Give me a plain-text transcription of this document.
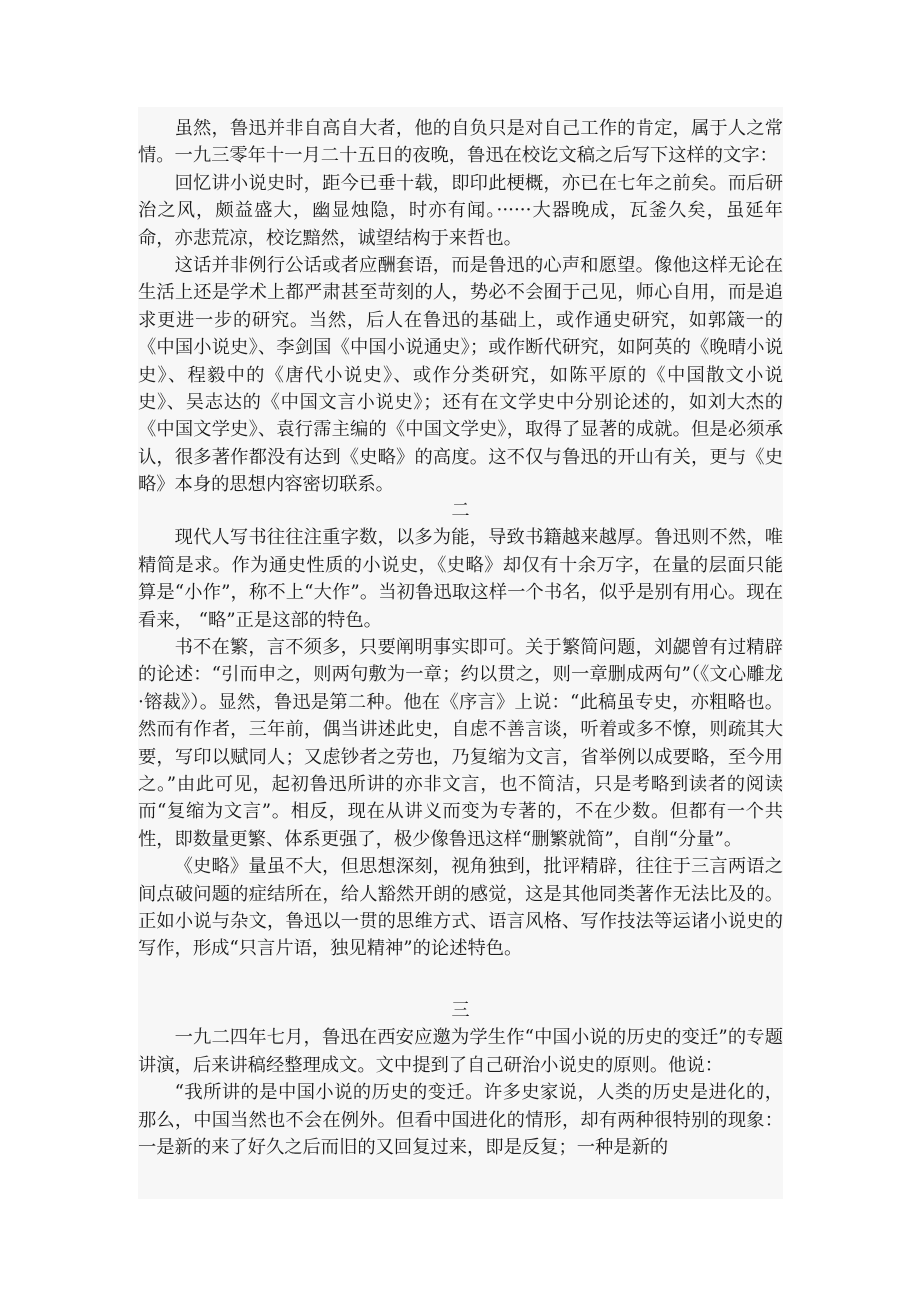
虽然，鲁迅并非自高自大者，他的自负只是对自己工作的肯定，属于人之常情。一九三零年十一月二十五日的夜晚，鲁迅在校讫文稿之后写下这样的文字：

回忆讲小说史时，距今已垂十载，即印此梗概，亦已在七年之前矣。而后研治之风，颇益盛大，幽显烛隐，时亦有闻。······大器晚成，瓦釜久矣，虽延年命，亦悲荒凉，校讫黯然，诚望结构于来哲也。

这话并非例行公话或者应酬套语，而是鲁迅的心声和愿望。像他这样无论在生活上还是学术上都严肃甚至苛刻的人，势必不会囿于己见，师心自用，而是追求更进一步的研究。当然，后人在鲁迅的基础上，或作通史研究，如郭箴一的《中国小说史》、李剑国《中国小说通史》；或作断代研究，如阿英的《晚晴小说史》、程毅中的《唐代小说史》、或作分类研究，如陈平原的《中国散文小说史》、吴志达的《中国文言小说史》；还有在文学史中分别论述的，如刘大杰的《中国文学史》、袁行霈主编的《中国文学史》，取得了显著的成就。但是必须承认，很多著作都没有达到《史略》的高度。这不仅与鲁迅的开山有关，更与《史略》本身的思想内容密切联系。

二

现代人写书往往注重字数，以多为能，导致书籍越来越厚。鲁迅则不然，唯精简是求。作为通史性质的小说史，《史略》却仅有十余万字，在量的层面只能算是“小作”，称不上“大作”。当初鲁迅取这样一个书名，似乎是别有用心。现在看来， “略”正是这部的特色。

书不在繁，言不须多，只要阐明事实即可。关于繁简问题，刘勰曾有过精辟的论述：“引而申之，则两句敷为一章；约以贯之，则一章删成两句”（《文心雕龙·镕裁》）。显然，鲁迅是第二种。他在《序言》上说：“此稿虽专史，亦粗略也。然而有作者，三年前，偶当讲述此史，自虑不善言谈，听着或多不憭，则疏其大要，写印以赋同人；又虑钞者之劳也，乃复缩为文言，省举例以成要略，至今用之。”由此可见，起初鲁迅所讲的亦非文言，也不简洁，只是考略到读者的阅读而“复缩为文言”。相反，现在从讲义而变为专著的，不在少数。但都有一个共性，即数量更繁、体系更强了，极少像鲁迅这样“删繁就简”，自削“分量”。

《史略》量虽不大，但思想深刻，视角独到，批评精辟，往往于三言两语之间点破问题的症结所在，给人豁然开朗的感觉，这是其他同类著作无法比及的。正如小说与杂文，鲁迅以一贯的思维方式、语言风格、写作技法等运诸小说史的写作，形成“只言片语，独见精神”的论述特色。

三

一九二四年七月，鲁迅在西安应邀为学生作“中国小说的历史的变迁”的专题讲演，后来讲稿经整理成文。文中提到了自己研治小说史的原则。他说：

“我所讲的是中国小说的历史的变迁。许多史家说，人类的历史是进化的，那么，中国当然也不会在例外。但看中国进化的情形，却有两种很特别的现象：一是新的来了好久之后而旧的又回复过来，即是反复；一种是新的
